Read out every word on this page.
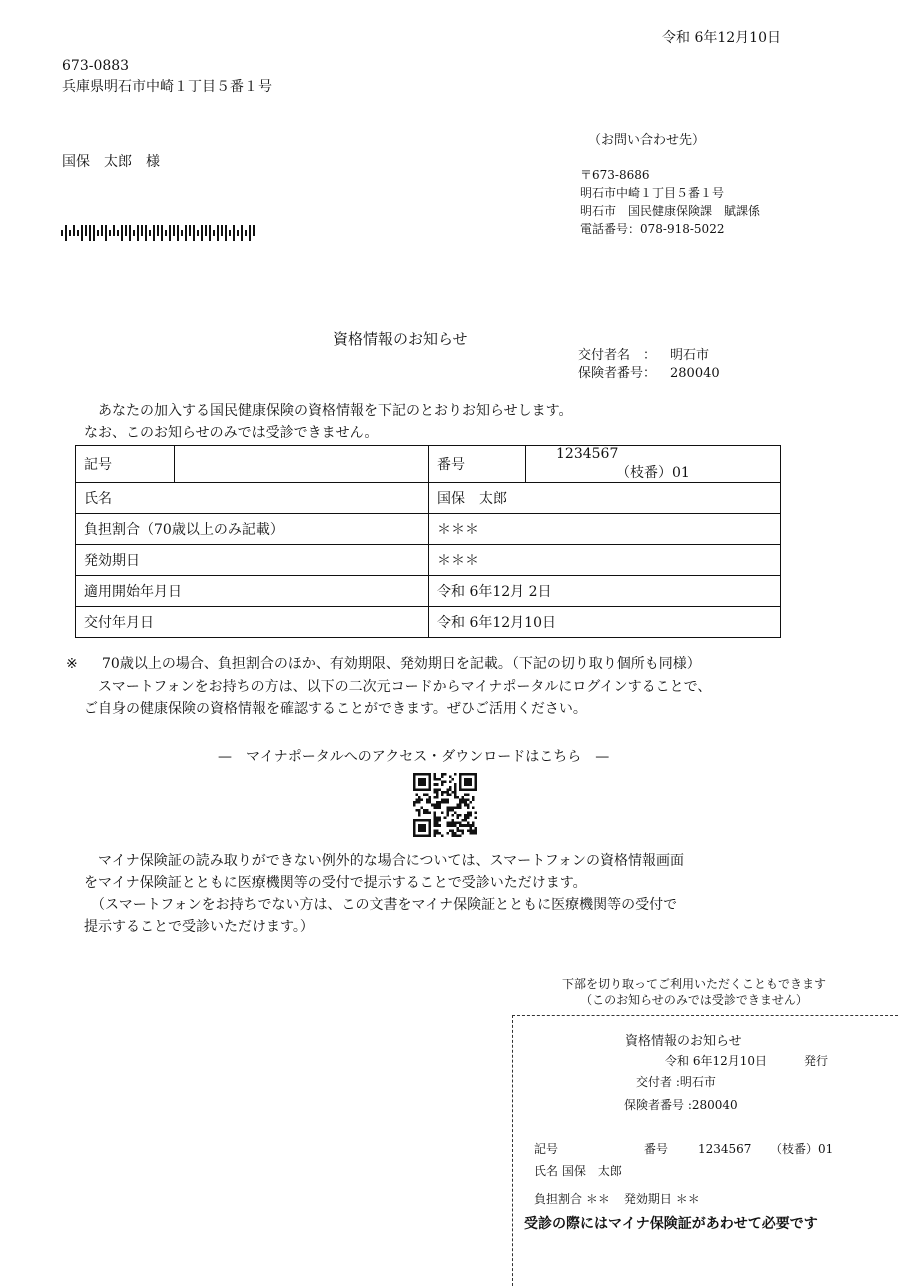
令和 6年12月10日
673-0883
兵庫県明石市中崎１丁目５番１号
国保　太郎　様
（お問い合わせ先）
〒673-8686
明石市中崎１丁目５番１号
明石市　国民健康保険課　賦課係
電話番号：078-918-5022
資格情報のお知らせ
交付者名　： 明石市
保険者番号： 280040
　あなたの加入する国民健康保険の資格情報を下記のとおりお知らせします。
なお、このお知らせのみでは受診できません。
記号		番号	1234567（枝番）01
氏名		国保　太郎	
負担割合（70歳以上のみ記載）		＊＊＊	
発効期日		＊＊＊	
適用開始年月日		令和 6年12月 2日	
交付年月日		令和 6年12月10日	
※ 70歳以上の場合、負担割合のほか、有効期限、発効期日を記載。（下記の切り取り個所も同様）
　スマートフォンをお持ちの方は、以下の二次元コードからマイナポータルにログインすることで、
ご自身の健康保険の資格情報を確認することができます。ぜひご活用ください。
—　マイナポータルへのアクセス・ダウンロードはこちら　—
　マイナ保険証の読み取りができない例外的な場合については、スマートフォンの資格情報画面
をマイナ保険証とともに医療機関等の受付で提示することで受診いただけます。
　（スマートフォンをお持ちでない方は、この文書をマイナ保険証とともに医療機関等の受付で
提示することで受診いただけます。）
下部を切り取ってご利用いただくこともできます
（このお知らせのみでは受診できません）
資格情報のお知らせ
令和 6年12月10日	発行
交付者 :明石市
保険者番号 :280040
記号	番号 1234567 （枝番）01
氏名 国保　太郎
負担割合 ＊＊ 発効期日 ＊＊
受診の際にはマイナ保険証があわせて必要です
